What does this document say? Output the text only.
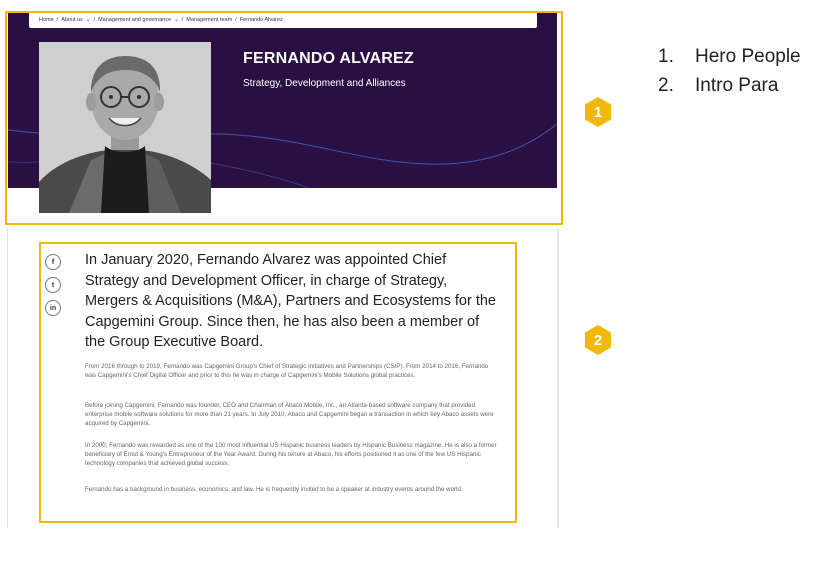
Home / About us ⌄ / Management and governance ⌄ / Management team / Fernando Alvarez
FERNANDO ALVAREZ
Strategy, Development and Alliances
f
t
in

In January 2020, Fernando Alvarez was appointed Chief Strategy and Development Officer, in charge of Strategy, Mergers & Acquisitions (M&A), Partners and Ecosystems for the Capgemini Group. Since then, he has also been a member of the Group Executive Board.

From 2016 through to 2019, Fernando was Capgemini Group's Chief of Strategic Initiatives and Partnerships (CSIP). From 2014 to 2016, Fernando was Capgemini's Chief Digital Officer and prior to this he was in charge of Capgemini's Mobile Solutions global practices.

Before joining Capgemini, Fernando was founder, CEO and Chairman of Abaco Mobile, Inc., an Atlanta-based software company that provided enterprise mobile software solutions for more than 21 years. In July 2010, Abaco and Capgemini began a transaction in which key Abaco assets were acquired by Capgemini.

In 2000, Fernando was rewarded as one of the 100 most influential US Hispanic business leaders by Hispanic Business magazine. He is also a former beneficiary of Ernst & Young's Entrepreneur of the Year Award. During his tenure at Abaco, his efforts positioned it as one of the few US Hispanic technology companies that achieved global success.

Fernando has a background in business, economics, and law. He is frequently invited to be a speaker at industry events around the world.

1
2
1.	Hero People
2.	Intro Para
